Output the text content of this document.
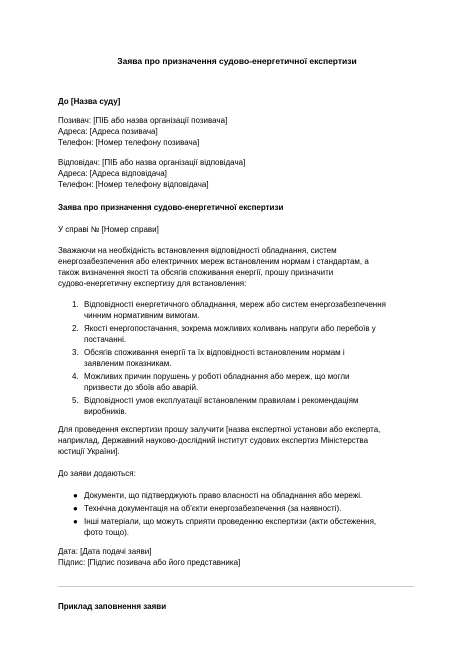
Заява про призначення судово-енергетичної експертизи
До [Назва суду]
Позивач: [ПІБ або назва організації позивача]
Адреса: [Адреса позивача]
Телефон: [Номер телефону позивача]
Відповідач: [ПІБ або назва організації відповідача]
Адреса: [Адреса відповідача]
Телефон: [Номер телефону відповідача]
Заява про призначення судово-енергетичної експертизи
У справі № [Номер справи]
Зважаючи на необхідність встановлення відповідності обладнання, систем
енергозабезпечення або електричних мереж встановленим нормам і стандартам, а
також визначення якості та обсягів споживання енергії, прошу призначити
судово-енергетичну експертизу для встановлення:
1. Відповідності енергетичного обладнання, мереж або систем енергозабезпечення
чинним нормативним вимогам.
2. Якості енергопостачання, зокрема можливих коливань напруги або перебоїв у
постачанні.
3. Обсягів споживання енергії та їх відповідності встановленим нормам і
заявленим показникам.
4. Можливих причин порушень у роботі обладнання або мереж, що могли
призвести до збоїв або аварій.
5. Відповідності умов експлуатації встановленим правилам і рекомендаціям
виробників.
Для проведення експертизи прошу залучити [назва експертної установи або експерта,
наприклад, Державний науково-дослідний інститут судових експертиз Міністерства
юстиції України].
До заяви додаються:
● Документи, що підтверджують право власності на обладнання або мережі.
● Технічна документація на об'єкти енергозабезпечення (за наявності).
● Інші матеріали, що можуть сприяти проведенню експертизи (акти обстеження,
фото тощо).
Дата: [Дата подачі заяви]
Підпис: [Підпис позивача або його представника]
Приклад заповнення заяви
